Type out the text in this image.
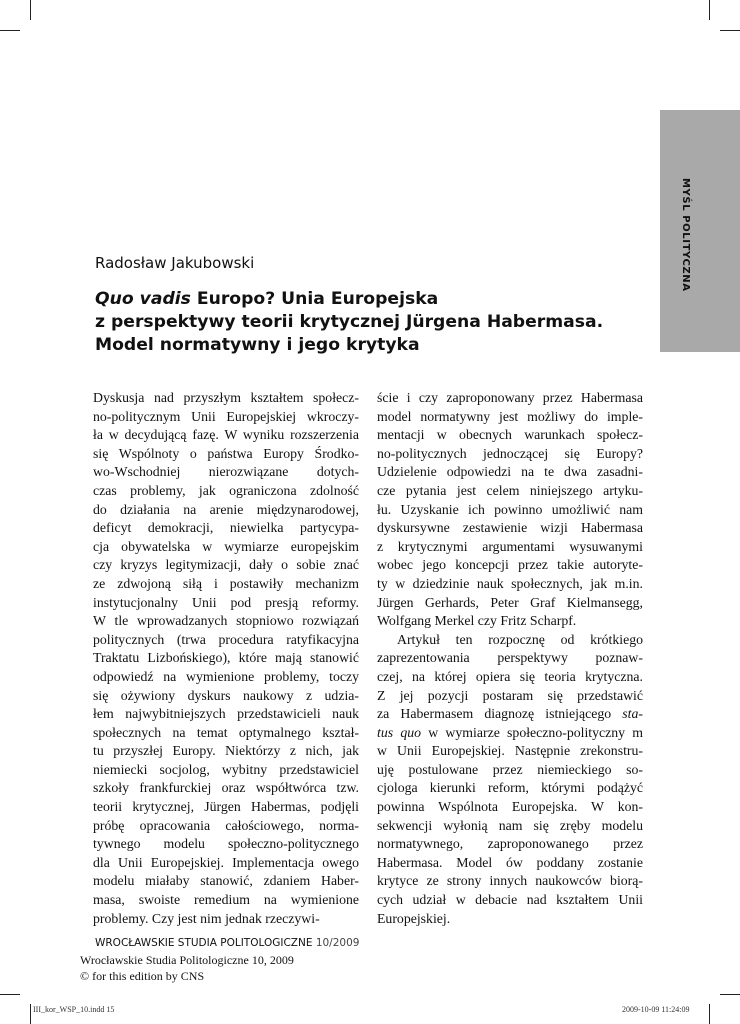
MYŚL POLITYCZNA
Radosław Jakubowski
Quo vadis Europo? Unia Europejska
z perspektywy teorii krytycznej Jürgena Habermasa.
Model normatywny i jego krytyka
Dyskusja nad przyszłym kształtem społecz-
no-politycznym Unii Europejskiej wkroczy-
ła w decydującą fazę. W wyniku rozszerzenia
się Wspólnoty o państwa Europy Środko-
wo-Wschodniej nierozwiązane dotych-
czas problemy, jak ograniczona zdolność
do działania na arenie międzynarodowej,
deficyt demokracji, niewielka partycypa-
cja obywatelska w wymiarze europejskim
czy kryzys legitymizacji, dały o sobie znać
ze zdwojoną siłą i postawiły mechanizm
instytucjonalny Unii pod presją reformy.
W tle wprowadzanych stopniowo rozwiązań
politycznych (trwa procedura ratyfikacyjna
Traktatu Lizbońskiego), które mają stanowić
odpowiedź na wymienione problemy, toczy
się ożywiony dyskurs naukowy z udzia-
łem najwybitniejszych przedstawicieli nauk
społecznych na temat optymalnego kształ-
tu przyszłej Europy. Niektórzy z nich, jak
niemiecki socjolog, wybitny przedstawiciel
szkoły frankfurckiej oraz współtwórca tzw.
teorii krytycznej, Jürgen Habermas, podjęli
próbę opracowania całościowego, norma-
tywnego modelu społeczno-politycznego
dla Unii Europejskiej. Implementacja owego
modelu miałaby stanowić, zdaniem Haber-
masa, swoiste remedium na wymienione
problemy. Czy jest nim jednak rzeczywi-
ście i czy zaproponowany przez Habermasa
model normatywny jest możliwy do imple-
mentacji w obecnych warunkach społecz-
no-politycznych jednoczącej się Europy?
Udzielenie odpowiedzi na te dwa zasadni-
cze pytania jest celem niniejszego artyku-
łu. Uzyskanie ich powinno umożliwić nam
dyskursywne zestawienie wizji Habermasa
z krytycznymi argumentami wysuwanymi
wobec jego koncepcji przez takie autoryte-
ty w dziedzinie nauk społecznych, jak m.in.
Jürgen Gerhards, Peter Graf Kielmansegg,
Wolfgang Merkel czy Fritz Scharpf.
Artykuł ten rozpocznę od krótkiego
zaprezentowania perspektywy poznaw-
czej, na której opiera się teoria krytyczna.
Z jej pozycji postaram się przedstawić
za Habermasem diagnozę istniejącego sta-
tus quo w wymiarze społeczno-polityczny m
w Unii Europejskiej. Następnie zrekonstru-
uję postulowane przez niemieckiego so-
cjologa kierunki reform, którymi podążyć
powinna Wspólnota Europejska. W kon-
sekwencji wyłonią nam się zręby modelu
normatywnego, zaproponowanego przez
Habermasa. Model ów poddany zostanie
krytyce ze strony innych naukowców biorą-
cych udział w debacie nad kształtem Unii
Europejskiej.
WROCŁAWSKIE STUDIA POLITOLOGICZNE 10/2009
Wrocławskie Studia Politologiczne 10, 2009
© for this edition by CNS
III_kor_WSP_10.indd 15	2009-10-09 11:24:09
